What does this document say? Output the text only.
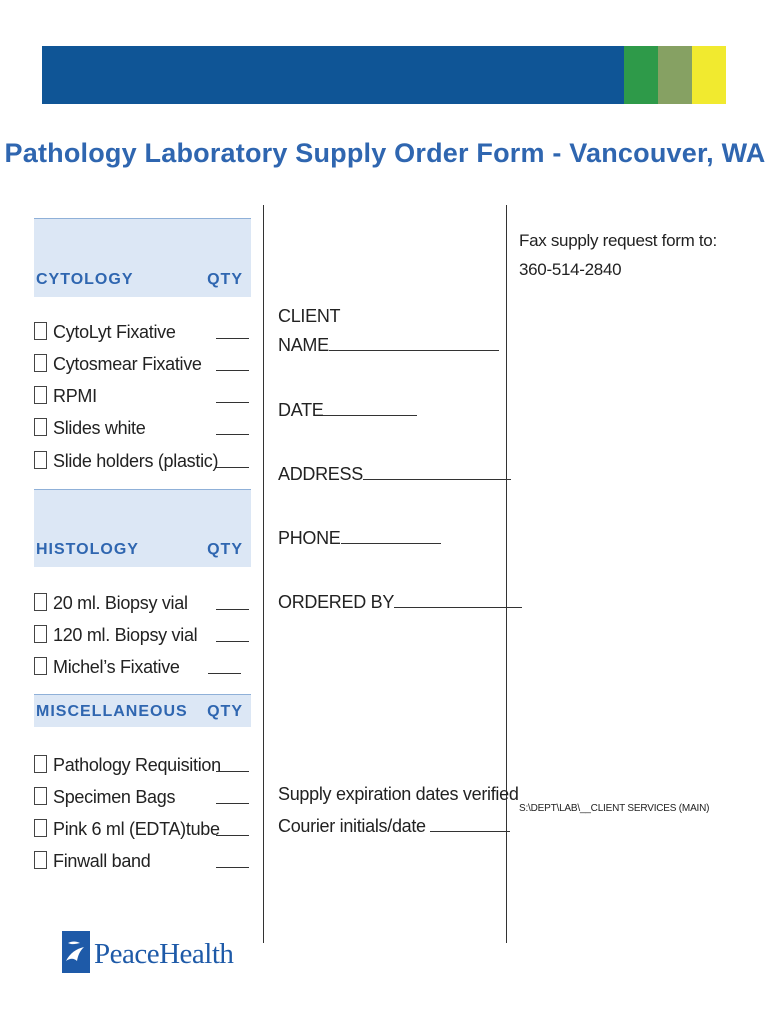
Pathology Laboratory Supply Order Form - Vancouver, WA
CYTOLOGY	QTY
CytoLyt Fixative
Cytosmear Fixative
RPMI
Slides white
Slide holders (plastic)
HISTOLOGY	QTY
20 ml. Biopsy vial
120 ml. Biopsy vial
Michel’s Fixative
MISCELLANEOUS QTY
Pathology Requisition
Specimen Bags
Pink 6 ml (EDTA)tube
Finwall band
CLIENT
NAME
DATE
ADDRESS
PHONE
ORDERED BY
Supply expiration dates verified
Courier initials/date
Fax supply request form to:
360-514-2840
S:\DEPT\LAB\__CLIENT SERVICES (MAIN)
PeaceHealth
